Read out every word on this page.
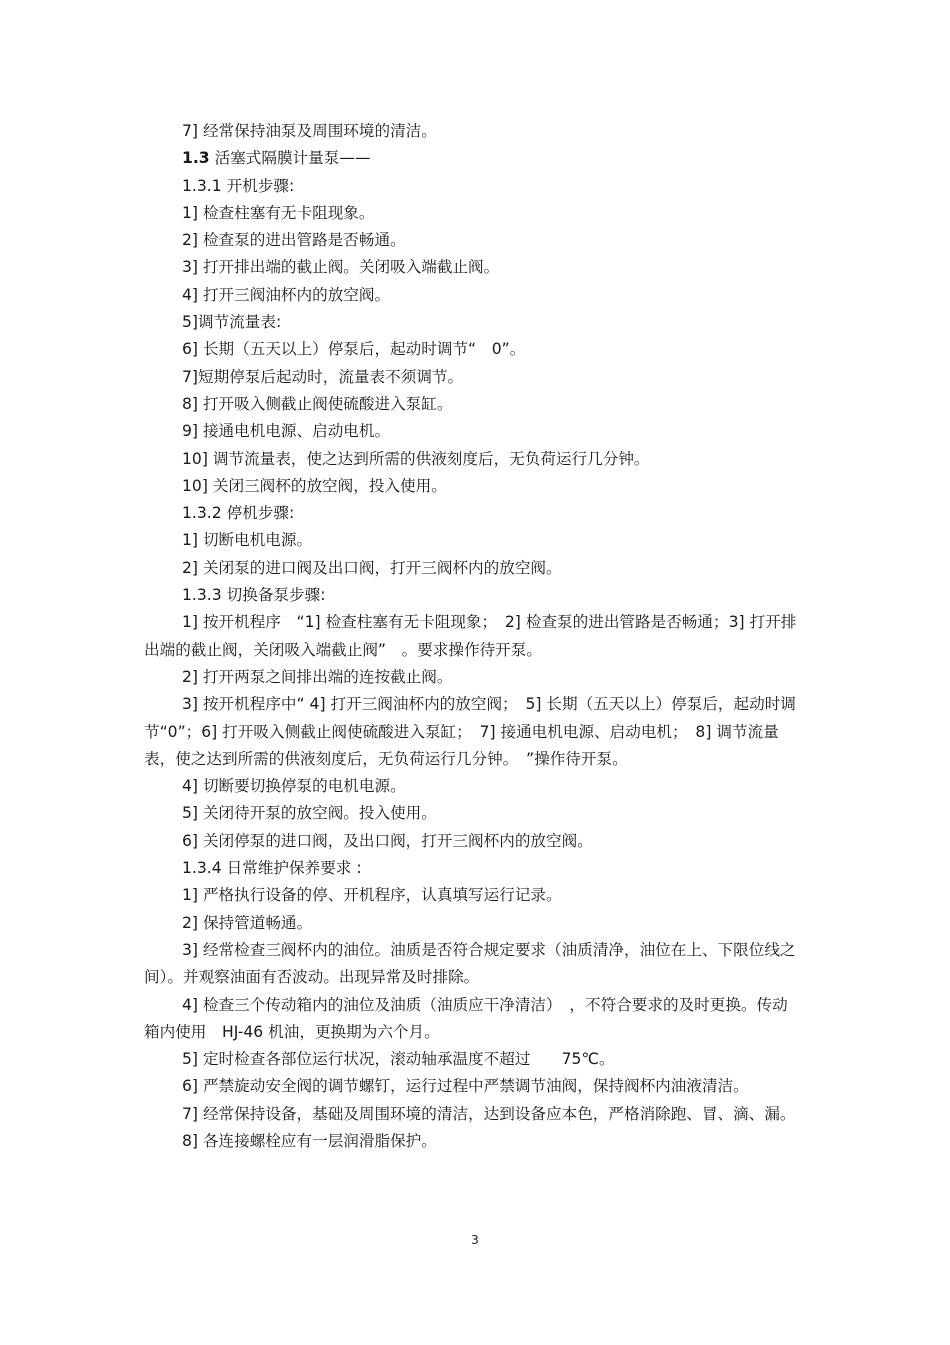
7] 经常保持油泵及周围环境的清洁。

1.3 活塞式隔膜计量泵——

1.3.1 开机步骤:

1] 检查柱塞有无卡阻现象。

2] 检查泵的进出管路是否畅通。

3] 打开排出端的截止阀。关闭吸入端截止阀。

4] 打开三阀油杯内的放空阀。

5]调节流量表:

6] 长期（五天以上）停泵后，起动时调节“　0”。

7]短期停泵后起动时，流量表不须调节。

8] 打开吸入侧截止阀使硫酸进入泵缸。

9] 接通电机电源、启动电机。

10] 调节流量表，使之达到所需的供液刻度后，无负荷运行几分钟。

10] 关闭三阀杯的放空阀，投入使用。

1.3.2 停机步骤:

1] 切断电机电源。

2] 关闭泵的进口阀及出口阀，打开三阀杯内的放空阀。

1.3.3 切换备泵步骤:

1] 按开机程序　“1] 检查柱塞有无卡阻现象；　2] 检查泵的进出管路是否畅通；3] 打开排出端的截止阀，关闭吸入端截止阀”　。要求操作待开泵。

2] 打开两泵之间排出端的连按截止阀。

3] 按开机程序中“ 4] 打开三阀油杯内的放空阀；　5] 长期（五天以上）停泵后，起动时调节“0”；6] 打开吸入侧截止阀使硫酸进入泵缸；　7] 接通电机电源、启动电机；　8] 调节流量表，使之达到所需的供液刻度后，无负荷运行几分钟。　”操作待开泵。

4] 切断要切换停泵的电机电源。

5] 关闭待开泵的放空阀。投入使用。

6] 关闭停泵的进口阀，及出口阀，打开三阀杯内的放空阀。

1.3.4 日常维护保养要求 :

1] 严格执行设备的停、开机程序，认真填写运行记录。

2] 保持管道畅通。

3] 经常检查三阀杯内的油位。油质是否符合规定要求（油质清净，油位在上、下限位线之间）。并观察油面有否波动。出现异常及时排除。

4] 检查三个传动箱内的油位及油质（油质应干净清洁）　，不符合要求的及时更换。传动箱内使用　HJ-46 机油，更换期为六个月。

5] 定时检查各部位运行状况，滚动轴承温度不超过　　75℃。

6] 严禁旋动安全阀的调节螺钉，运行过程中严禁调节油阀，保持阀杯内油液清洁。

7] 经常保持设备，基础及周围环境的清洁，达到设备应本色，严格消除跑、冒、滴、漏。

8] 各连接螺栓应有一层润滑脂保护。

3
